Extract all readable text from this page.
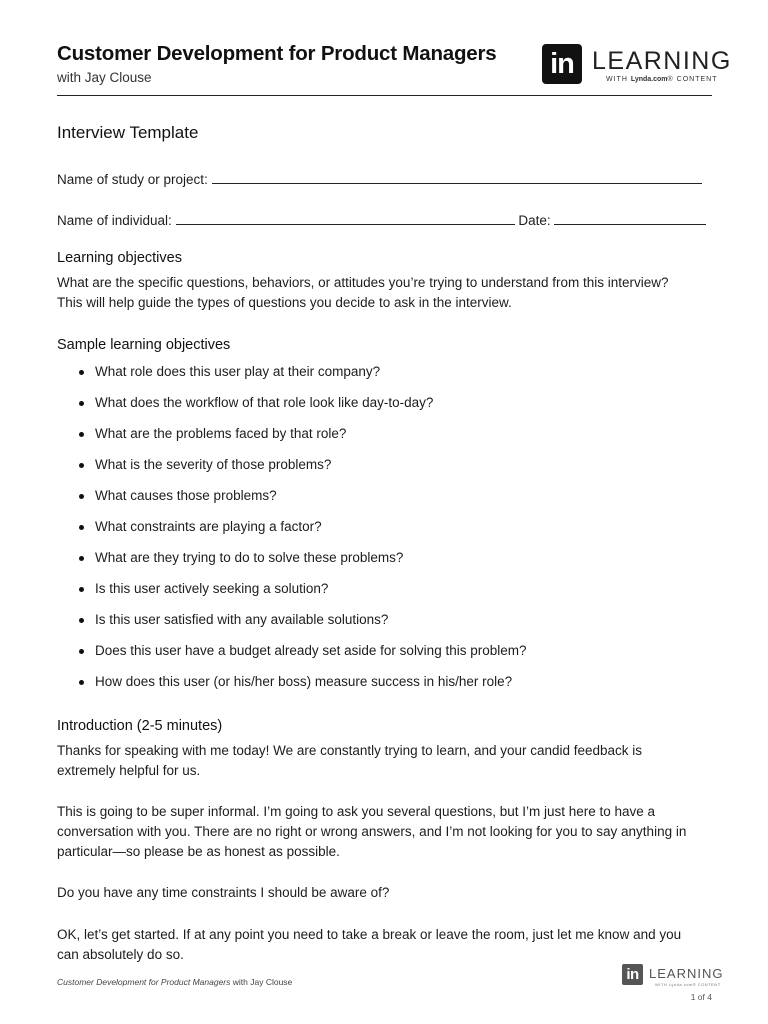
Customer Development for Product Managers
with Jay Clouse	in LEARNING
WITH Lynda.com® CONTENT
Interview Template
Name of study or project:
Name of individual:	Date:
Learning objectives
What are the specific questions, behaviors, or attitudes you’re trying to understand from this interview?
This will help guide the types of questions you decide to ask in the interview.
Sample learning objectives
What role does this user play at their company?
What does the workflow of that role look like day-to-day?
What are the problems faced by that role?
What is the severity of those problems?
What causes those problems?
What constraints are playing a factor?
What are they trying to do to solve these problems?
Is this user actively seeking a solution?
Is this user satisfied with any available solutions?
Does this user have a budget already set aside for solving this problem?
How does this user (or his/her boss) measure success in his/her role?
Introduction (2-5 minutes)
Thanks for speaking with me today! We are constantly trying to learn, and your candid feedback is
extremely helpful for us.
This is going to be super informal. I’m going to ask you several questions, but I’m just here to have a
conversation with you. There are no right or wrong answers, and I’m not looking for you to say anything in
particular—so please be as honest as possible.
Do you have any time constraints I should be aware of?
OK, let’s get started. If at any point you need to take a break or leave the room, just let me know and you
can absolutely do so.
Customer Development for Product Managers with Jay Clouse	in LEARNING
WITH Lynda.com® CONTENT
1 of 4
